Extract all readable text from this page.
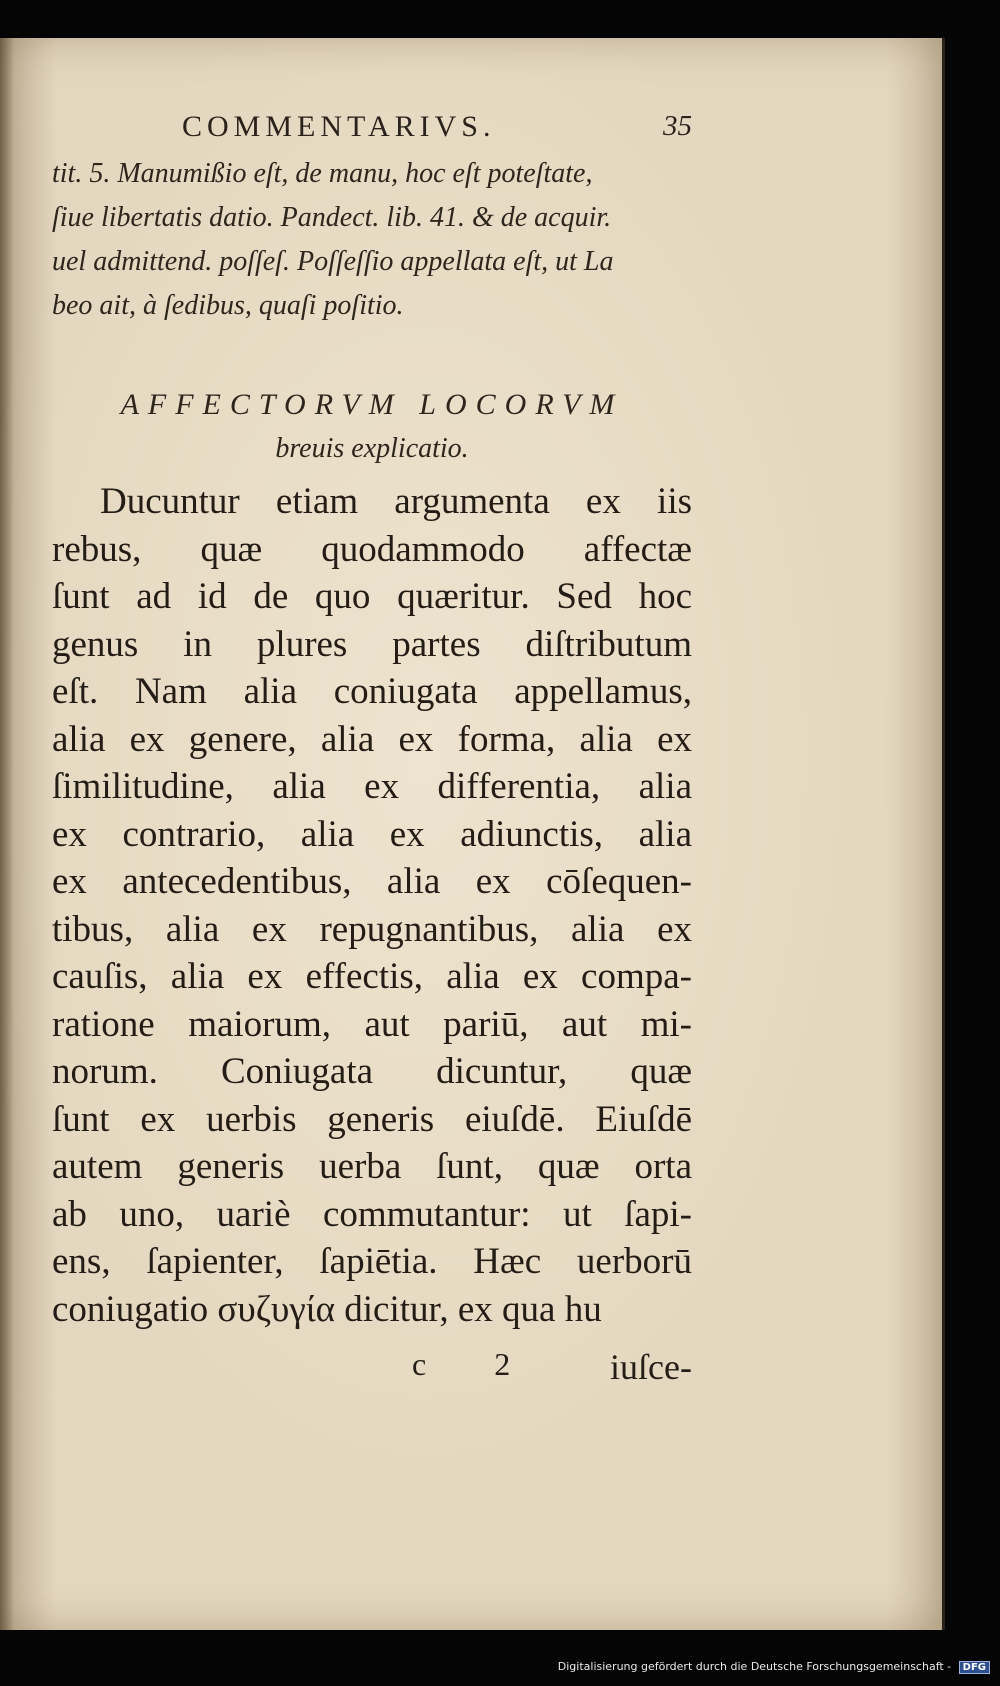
COMMENTARIVS.	35
tit. 5. Manumißio eſt, de manu, hoc eſt poteſtate,
ſiue libertatis datio. Pandect. lib. 41. & de acquir.
uel admittend. poſſeſ. Poſſeſſio appellata eſt, ut La
beo ait, à ſedibus, quaſi poſitio.
AFFECTORVM LOCORVM
breuis explicatio.
Ducuntur etiam argumenta ex iis
rebus, quæ quodammodo affectæ
ſunt ad id de quo quæritur. Sed hoc
genus in plures partes diſtributum
eſt. Nam alia coniugata appellamus,
alia ex genere, alia ex forma, alia ex
ſimilitudine, alia ex differentia, alia
ex contrario, alia ex adiunctis, alia
ex antecedentibus, alia ex cōſequen-
tibus, alia ex repugnantibus, alia ex
cauſis, alia ex effectis, alia ex compa-
ratione maiorum, aut pariū, aut mi-
norum. Coniugata dicuntur, quæ
ſunt ex uerbis generis eiuſdē. Eiuſdē
autem generis uerba ſunt, quæ orta
ab uno, uariè commutantur: ut ſapi-
ens, ſapienter, ſapiētia. Hæc uerborū
coniugatio συζυγία dicitur, ex qua hu
c 2 iuſce-
Digitalisierung gefördert durch die Deutsche Forschungsgemeinschaft - DFG
